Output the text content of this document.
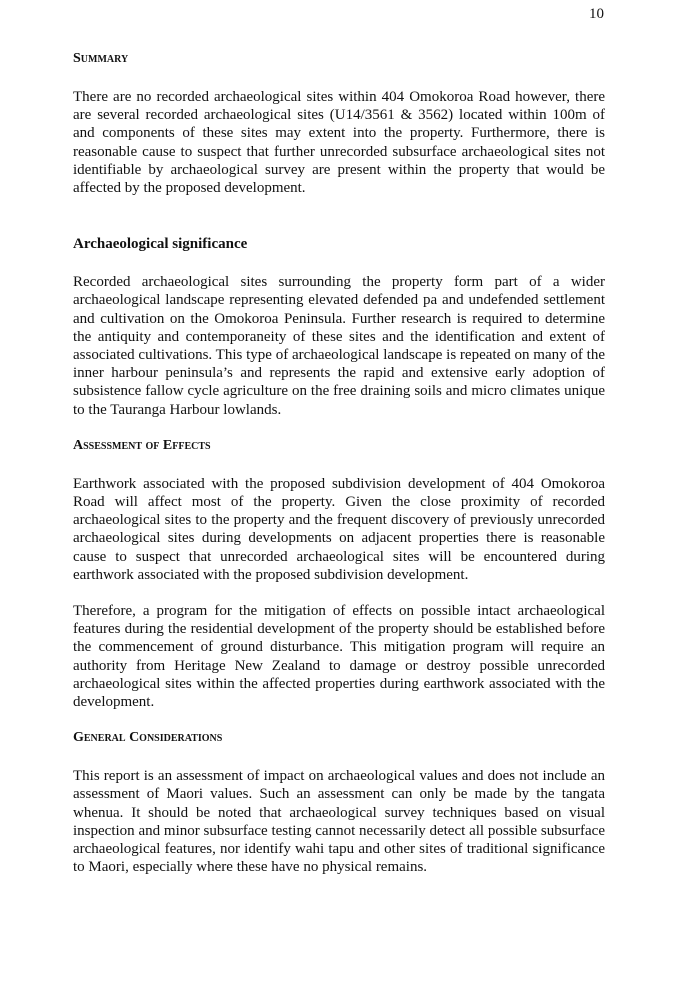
10
Summary

There are no recorded archaeological sites within 404 Omokoroa Road however, there are several recorded archaeological sites (U14/3561 & 3562) located within 100m of and components of these sites may extent into the property. Furthermore, there is reasonable cause to suspect that further unrecorded subsurface archaeological sites not identifiable by archaeological survey are present within the property that would be affected by the proposed development.

Archaeological significance

Recorded archaeological sites surrounding the property form part of a wider archaeological landscape representing elevated defended pa and undefended settlement and cultivation on the Omokoroa Peninsula. Further research is required to determine the antiquity and contemporaneity of these sites and the identification and extent of associated cultivations. This type of archaeological landscape is repeated on many of the inner harbour peninsula’s and represents the rapid and extensive early adoption of subsistence fallow cycle agriculture on the free draining soils and micro climates unique to the Tauranga Harbour lowlands.

Assessment of Effects

Earthwork associated with the proposed subdivision development of 404 Omokoroa Road will affect most of the property. Given the close proximity of recorded archaeological sites to the property and the frequent discovery of previously unrecorded archaeological sites during developments on adjacent properties there is reasonable cause to suspect that unrecorded archaeological sites will be encountered during earthwork associated with the proposed subdivision development.

Therefore, a program for the mitigation of effects on possible intact archaeological features during the residential development of the property should be established before the commencement of ground disturbance. This mitigation program will require an authority from Heritage New Zealand to damage or destroy possible unrecorded archaeological sites within the affected properties during earthwork associated with the development.

General Considerations

This report is an assessment of impact on archaeological values and does not include an assessment of Maori values. Such an assessment can only be made by the tangata whenua. It should be noted that archaeological survey techniques based on visual inspection and minor subsurface testing cannot necessarily detect all possible subsurface archaeological features, nor identify wahi tapu and other sites of traditional significance to Maori, especially where these have no physical remains.
